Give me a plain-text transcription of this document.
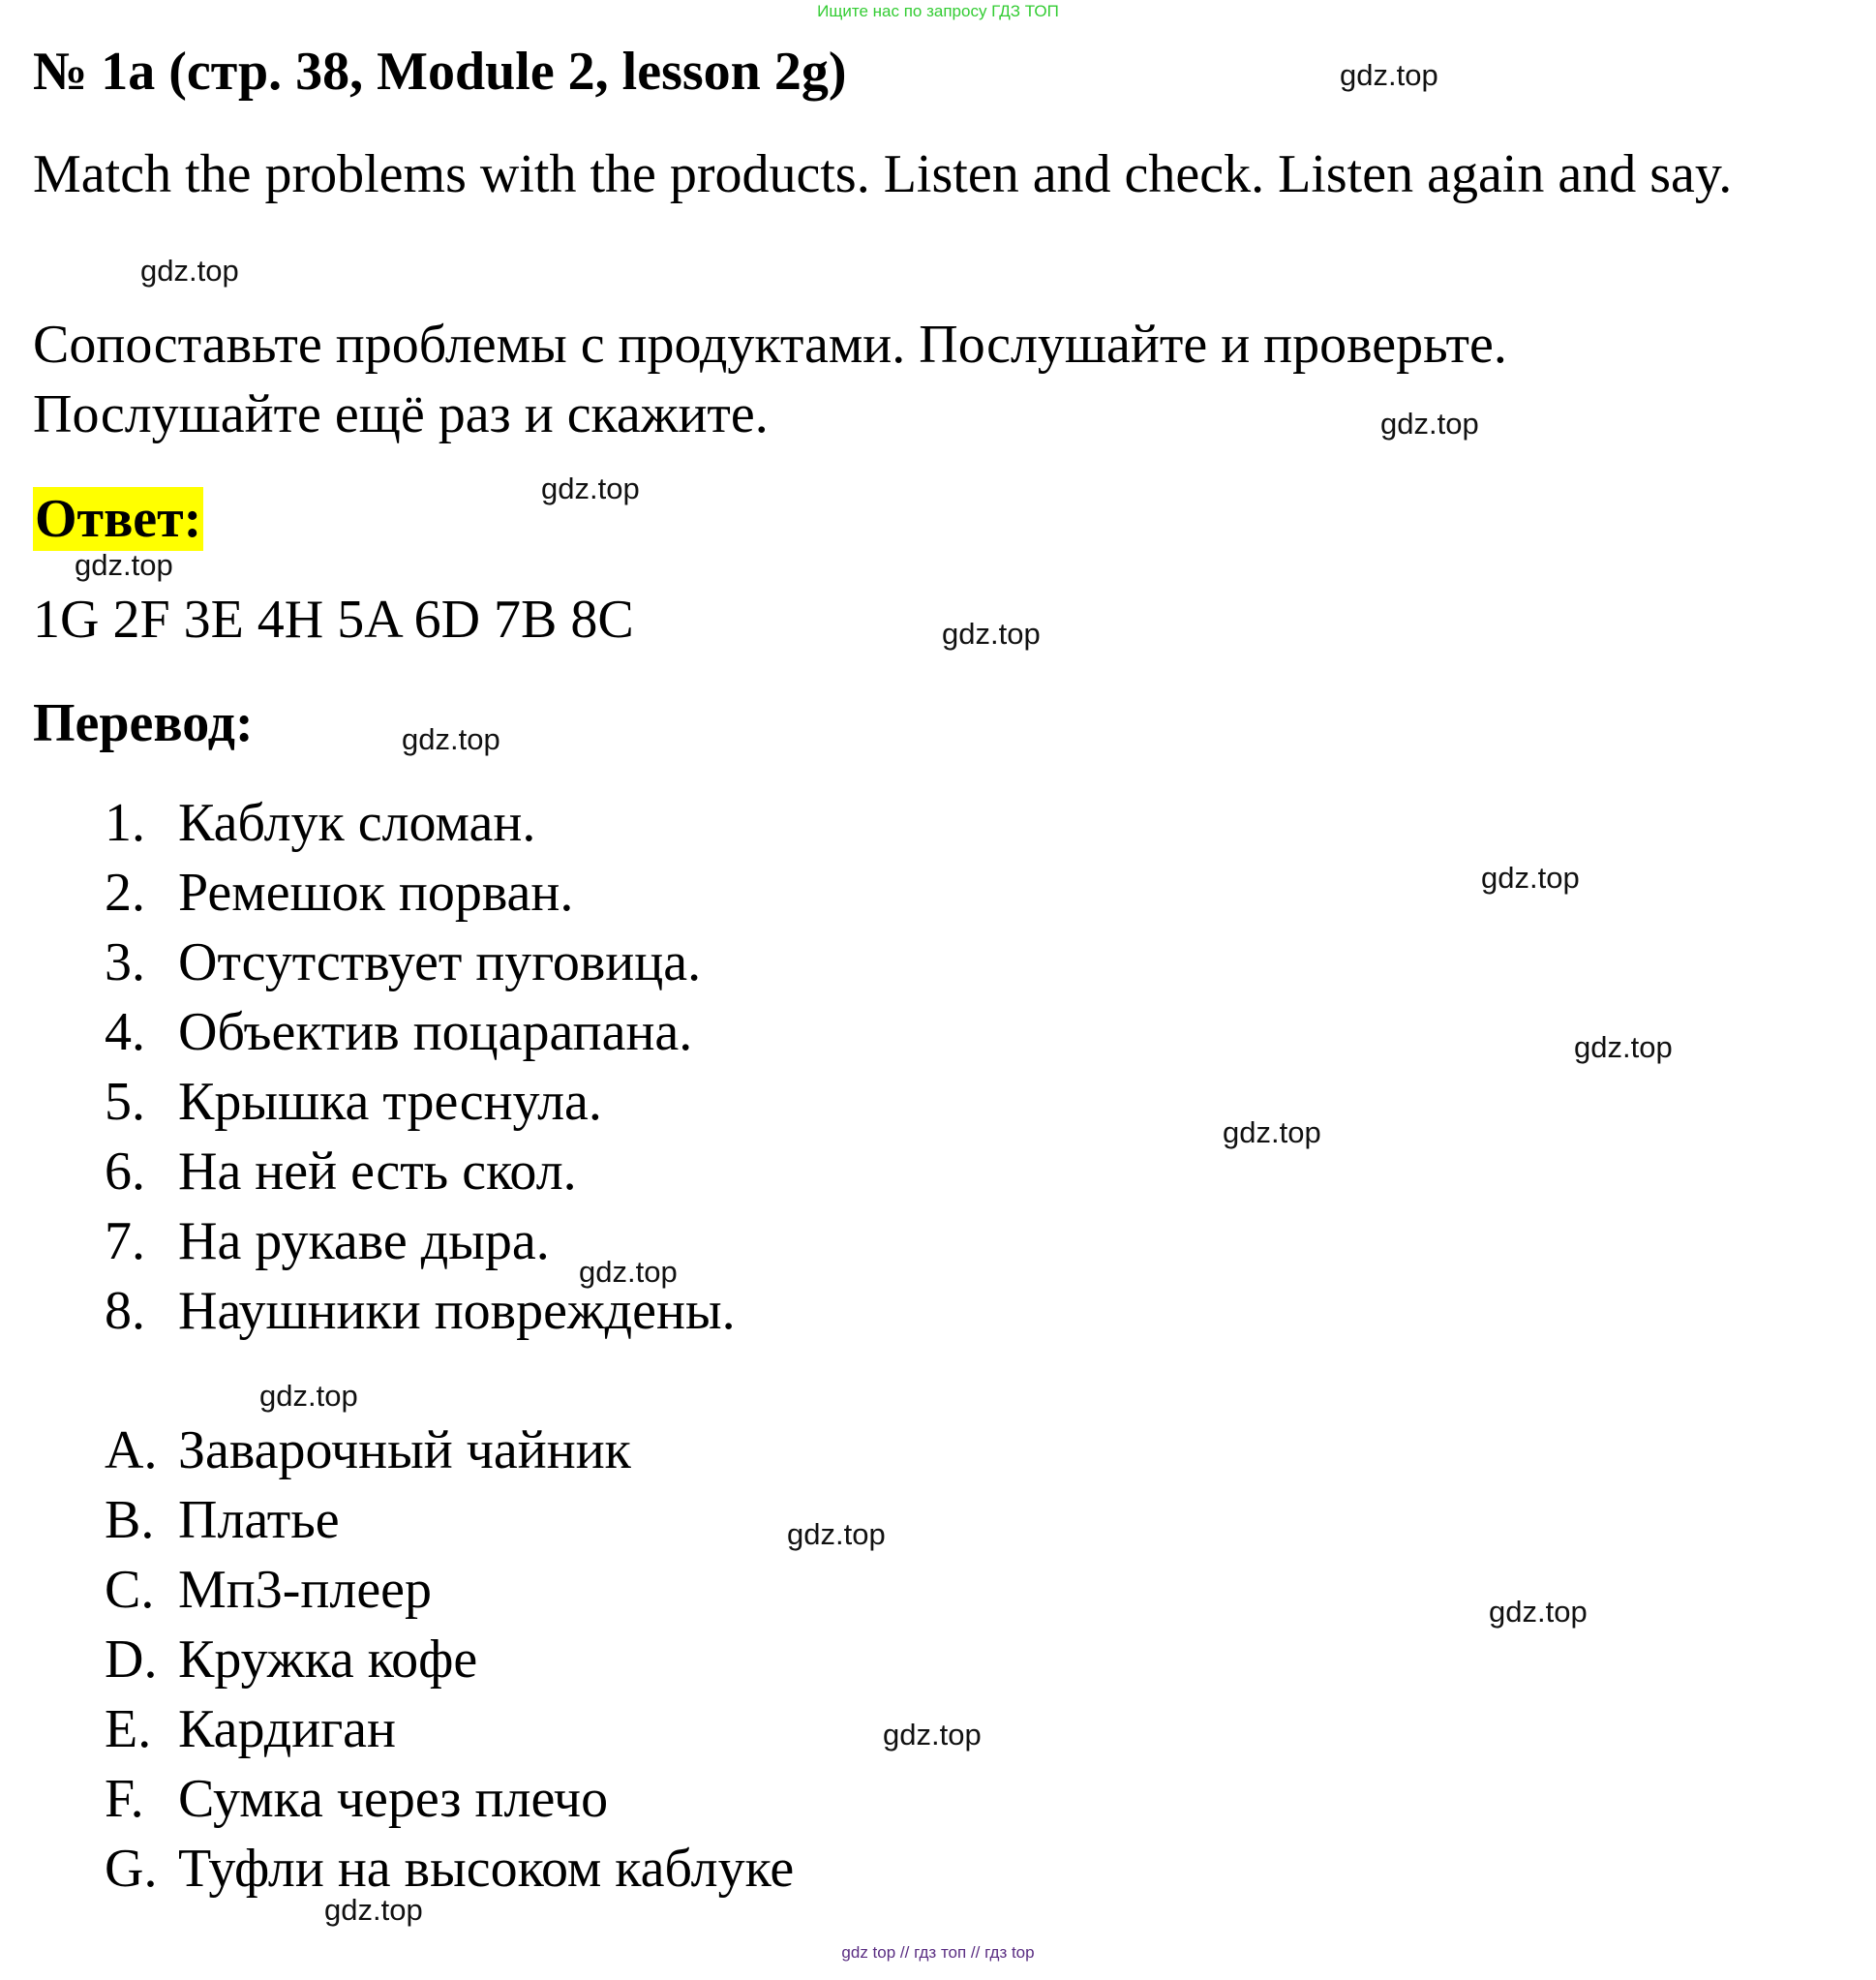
Ищите нас по запросу ГДЗ ТОП
№ 1a (стр. 38, Module 2, lesson 2g)
Match the problems with the products. Listen and check. Listen again and say.
Сопоставьте проблемы с продуктами. Послушайте и проверьте. Послушайте ещё раз и скажите.
Ответ:
1G 2F 3E 4H 5A 6D 7B 8C
Перевод:
1. Каблук сломан.
2. Ремешок порван.
3. Отсутствует пуговица.
4. Объектив поцарапана.
5. Крышка треснула.
6. На ней есть скол.
7. На рукаве дыра.
8. Наушники повреждены.
A. Заварочный чайник
B. Платье
C. Мп3-плеер
D. Кружка кофе
E. Кардиган
F. Сумка через плечо
G. Туфли на высоком каблуке
gdz.top
gdz.top
gdz.top
gdz.top
gdz.top
gdz.top
gdz.top
gdz.top
gdz.top
gdz.top
gdz.top
gdz.top
gdz.top
gdz.top
gdz.top
gdz.top
gdz top // гдз топ // гдз top
